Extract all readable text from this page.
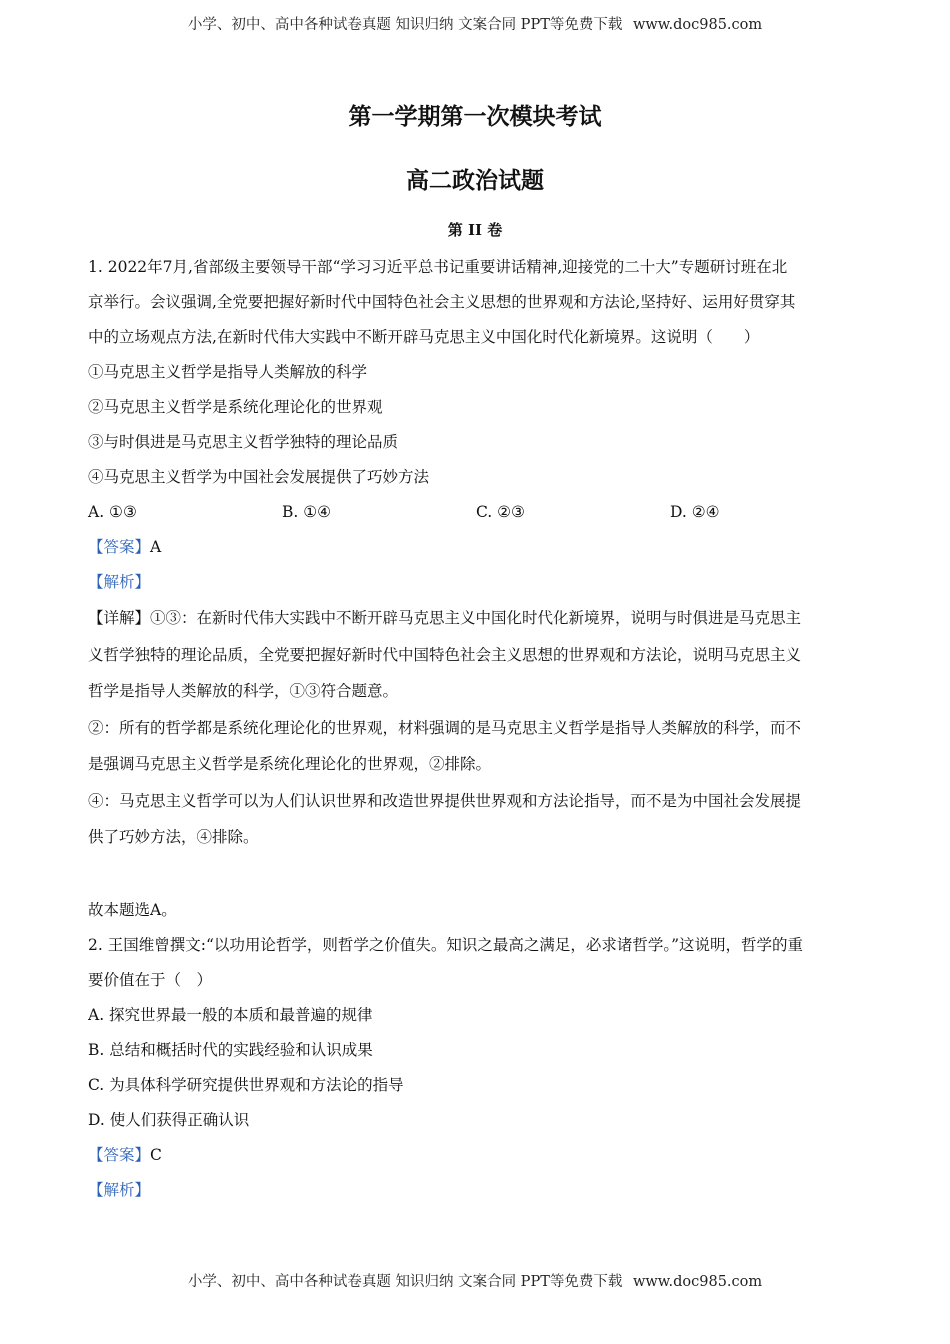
小学、初中、高中各种试卷真题 知识归纳 文案合同 PPT等免费下载 www.doc985.com
第一学期第一次模块考试
高二政治试题
第 II 卷
1. 2022年7月,省部级主要领导干部“学习习近平总书记重要讲话精神,迎接党的二十大”专题研讨班在北
京举行。会议强调,全党要把握好新时代中国特色社会主义思想的世界观和方法论,坚持好、运用好贯穿其
中的立场观点方法,在新时代伟大实践中不断开辟马克思主义中国化时代化新境界。这说明（　　）
①马克思主义哲学是指导人类解放的科学
②马克思主义哲学是系统化理论化的世界观
③与时俱进是马克思主义哲学独特的理论品质
④马克思主义哲学为中国社会发展提供了巧妙方法
A. ①③	B. ①④	C. ②③	D. ②④
【答案】A
【解析】
【详解】①③：在新时代伟大实践中不断开辟马克思主义中国化时代化新境界，说明与时俱进是马克思主
义哲学独特的理论品质，全党要把握好新时代中国特色社会主义思想的世界观和方法论，说明马克思主义
哲学是指导人类解放的科学，①③符合题意。
②：所有的哲学都是系统化理论化的世界观，材料强调的是马克思主义哲学是指导人类解放的科学，而不
是强调马克思主义哲学是系统化理论化的世界观，②排除。
④：马克思主义哲学可以为人们认识世界和改造世界提供世界观和方法论指导，而不是为中国社会发展提
供了巧妙方法，④排除。
故本题选A。
2. 王国维曾撰文:“以功用论哲学，则哲学之价值失。知识之最高之满足，必求诸哲学。”这说明，哲学的重
要价值在于（　）
A. 探究世界最一般的本质和最普遍的规律
B. 总结和概括时代的实践经验和认识成果
C. 为具体科学研究提供世界观和方法论的指导
D. 使人们获得正确认识
【答案】C
【解析】
小学、初中、高中各种试卷真题 知识归纳 文案合同 PPT等免费下载 www.doc985.com
